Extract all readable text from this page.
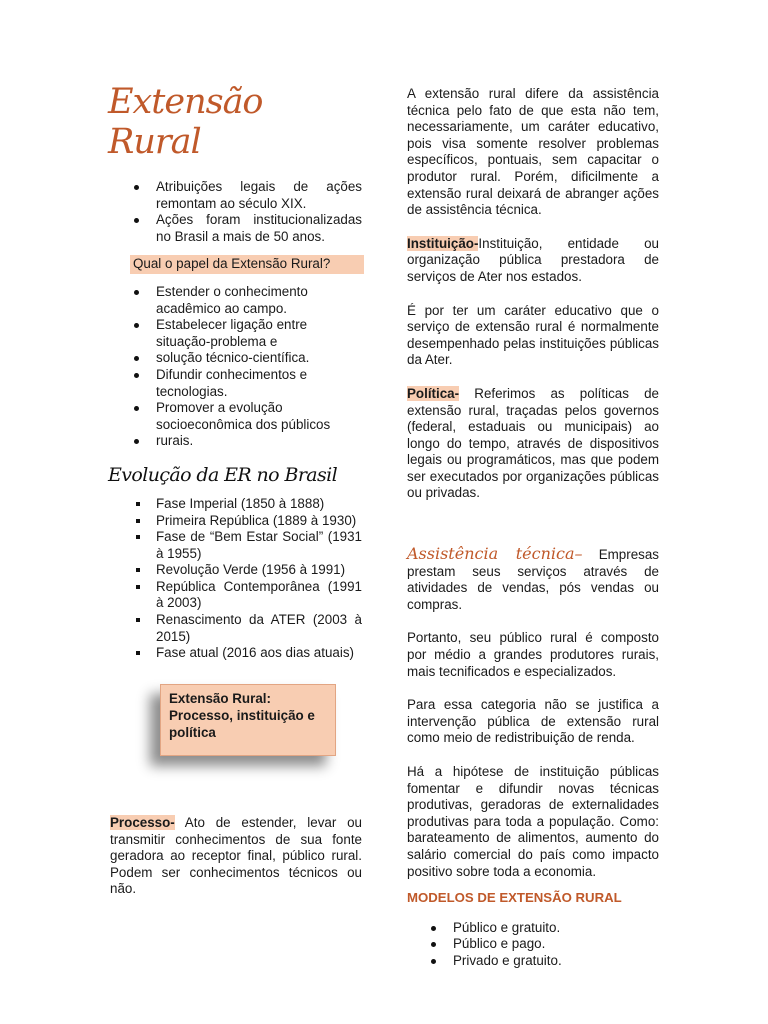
Extensão Rural
Atribuições legais de ações remontam ao século XIX.
Ações foram institucionalizadas no Brasil a mais de 50 anos.
Qual o papel da Extensão Rural?
Estender o conhecimento acadêmico ao campo.
Estabelecer ligação entre situação-problema e
solução técnico-científica.
Difundir conhecimentos e tecnologias.
Promover a evolução socioeconômica dos públicos
rurais.
Evolução da ER no Brasil
Fase Imperial (1850 à 1888)
Primeira República (1889 à 1930)
Fase de “Bem Estar Social” (1931 à 1955)
Revolução Verde (1956 à 1991)
República Contemporânea (1991 à 2003)
Renascimento da ATER (2003 à 2015)
Fase atual (2016 aos dias atuais)
Extensão Rural: Processo, instituição e política

Processo- Ato de estender, levar ou transmitir conhecimentos de sua fonte geradora ao receptor final, público rural. Podem ser conhecimentos técnicos ou não.

A extensão rural difere da assistência técnica pelo fato de que esta não tem, necessariamente, um caráter educativo, pois visa somente resolver problemas específicos, pontuais, sem capacitar o produtor rural. Porém, dificilmente a extensão rural deixará de abranger ações de assistência técnica.

Instituição-Instituição, entidade ou organização pública prestadora de serviços de Ater nos estados.

É por ter um caráter educativo que o serviço de extensão rural é normalmente desempenhado pelas instituições públicas da Ater.

Política- Referimos as políticas de extensão rural, traçadas pelos governos (federal, estaduais ou municipais) ao longo do tempo, através de dispositivos legais ou programáticos, mas que podem ser executados por organizações públicas ou privadas.

Assistência técnica– Empresas prestam seus serviços através de atividades de vendas, pós vendas ou compras.

Portanto, seu público rural é composto por médio a grandes produtores rurais, mais tecnificados e especializados.

Para essa categoria não se justifica a intervenção pública de extensão rural como meio de redistribuição de renda.

Há a hipótese de instituição públicas fomentar e difundir novas técnicas produtivas, geradoras de externalidades produtivas para toda a população. Como: barateamento de alimentos, aumento do salário comercial do país como impacto positivo sobre toda a economia.

MODELOS DE EXTENSÃO RURAL
Público e gratuito.
Público e pago.
Privado e gratuito.
